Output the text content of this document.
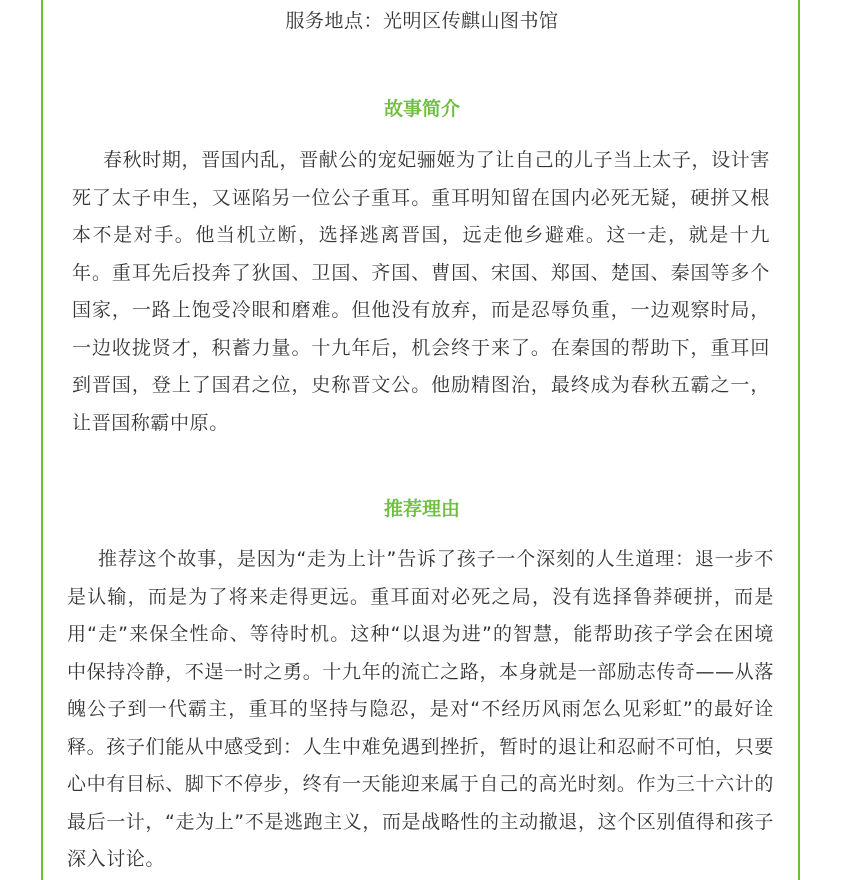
服务地点：光明区传麒山图书馆
故事简介

春秋时期，晋国内乱，晋献公的宠妃骊姬为了让自己的儿子当上太子，设计害死了太子申生，又诬陷另一位公子重耳。重耳明知留在国内必死无疑，硬拼又根本不是对手。他当机立断，选择逃离晋国，远走他乡避难。这一走，就是十九年。重耳先后投奔了狄国、卫国、齐国、曹国、宋国、郑国、楚国、秦国等多个国家，一路上饱受冷眼和磨难。但他没有放弃，而是忍辱负重，一边观察时局，一边收拢贤才，积蓄力量。十九年后，机会终于来了。在秦国的帮助下，重耳回到晋国，登上了国君之位，史称晋文公。他励精图治，最终成为春秋五霸之一，让晋国称霸中原。

推荐理由

推荐这个故事，是因为“走为上计”告诉了孩子一个深刻的人生道理：退一步不是认输，而是为了将来走得更远。重耳面对必死之局，没有选择鲁莽硬拼，而是用“走”来保全性命、等待时机。这种“以退为进”的智慧，能帮助孩子学会在困境中保持冷静，不逞一时之勇。十九年的流亡之路，本身就是一部励志传奇——从落魄公子到一代霸主，重耳的坚持与隐忍，是对“不经历风雨怎么见彩虹”的最好诠释。孩子们能从中感受到：人生中难免遇到挫折，暂时的退让和忍耐不可怕，只要心中有目标、脚下不停步，终有一天能迎来属于自己的高光时刻。作为三十六计的最后一计，“走为上”不是逃跑主义，而是战略性的主动撤退，这个区别值得和孩子深入讨论。
